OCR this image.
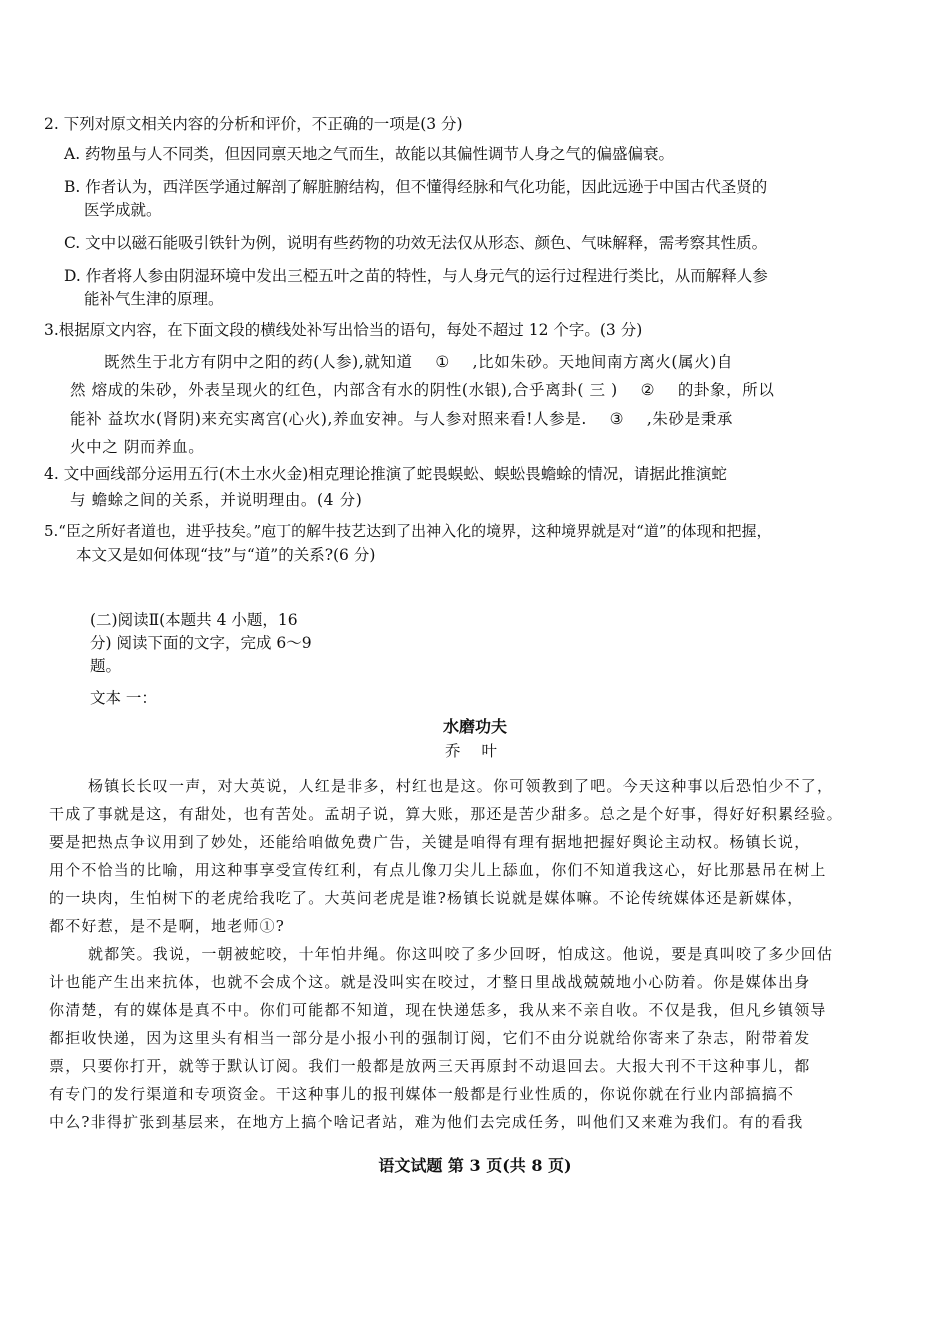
2. 下列对原文相关内容的分析和评价，不正确的一项是(3 分)
A. 药物虽与人不同类，但因同禀天地之气而生，故能以其偏性调节人身之气的偏盛偏衰。
B. 作者认为，西洋医学通过解剖了解脏腑结构，但不懂得经脉和气化功能，因此远逊于中国古代圣贤的
医学成就。
C. 文中以磁石能吸引铁针为例，说明有些药物的功效无法仅从形态、颜色、气味解释，需考察其性质。
D. 作者将人参由阴湿环境中发出三椏五叶之苗的特性，与人身元气的运行过程进行类比，从而解释人参
能补气生津的原理。
3.根据原文内容，在下面文段的横线处补写出恰当的语句，每处不超过 12 个字。(3 分)
既然生于北方有阴中之阳的药(人参),就知道 ① ,比如朱砂。天地间南方离火(属火)自
然 熔成的朱砂，外表呈现火的红色，内部含有水的阴性(水银),合乎离卦( 三 ) ② 的卦象，所以
能补 益坎水(肾阴)来充实离宫(心火),养血安神。与人参对照来看!人参是. ③ ,朱砂是秉承
火中之 阴而养血。
4. 文中画线部分运用五行(木土水火金)相克理论推演了蛇畏蜈蚣、蜈蚣畏蟾蜍的情况，请据此推演蛇
与 蟾蜍之间的关系，并说明理由。(4 分)
5.“臣之所好者道也，进乎技矣。”庖丁的解牛技艺达到了出神入化的境界，这种境界就是对“道”的体现和把握，
本文又是如何体现“技”与“道”的关系?(6 分)
(二)阅读Ⅱ(本题共 4 小题，16
分) 阅读下面的文字，完成 6～9
题。
文本 一：
水磨功夫
乔 叶
杨镇长长叹一声，对大英说，人红是非多，村红也是这。你可领教到了吧。今天这种事以后恐怕少不了，
干成了事就是这，有甜处，也有苦处。孟胡子说，算大账，那还是苦少甜多。总之是个好事，得好好积累经验。
要是把热点争议用到了妙处，还能给咱做免费广告，关键是咱得有理有据地把握好舆论主动权。杨镇长说，
用个不恰当的比喻，用这种事享受宣传红利，有点儿像刀尖儿上舔血，你们不知道我这心，好比那悬吊在树上
的一块肉，生怕树下的老虎给我吃了。大英问老虎是谁?杨镇长说就是媒体嘛。不论传统媒体还是新媒体，
都不好惹，是不是啊，地老师①?
就都笑。我说，一朝被蛇咬，十年怕井绳。你这叫咬了多少回呀，怕成这。他说，要是真叫咬了多少回估
计也能产生出来抗体，也就不会成个这。就是没叫实在咬过，才整日里战战兢兢地小心防着。你是媒体出身
你清楚，有的媒体是真不中。你们可能都不知道，现在快递恁多，我从来不亲自收。不仅是我，但凡乡镇领导
都拒收快递，因为这里头有相当一部分是小报小刊的强制订阅，它们不由分说就给你寄来了杂志，附带着发
票，只要你打开，就等于默认订阅。我们一般都是放两三天再原封不动退回去。大报大刊不干这种事儿，都
有专门的发行渠道和专项资金。干这种事儿的报刊媒体一般都是行业性质的，你说你就在行业内部搞搞不
中么?非得扩张到基层来，在地方上搞个啥记者站，难为他们去完成任务，叫他们又来难为我们。有的看我
语文试题 第 3 页(共 8 页)
